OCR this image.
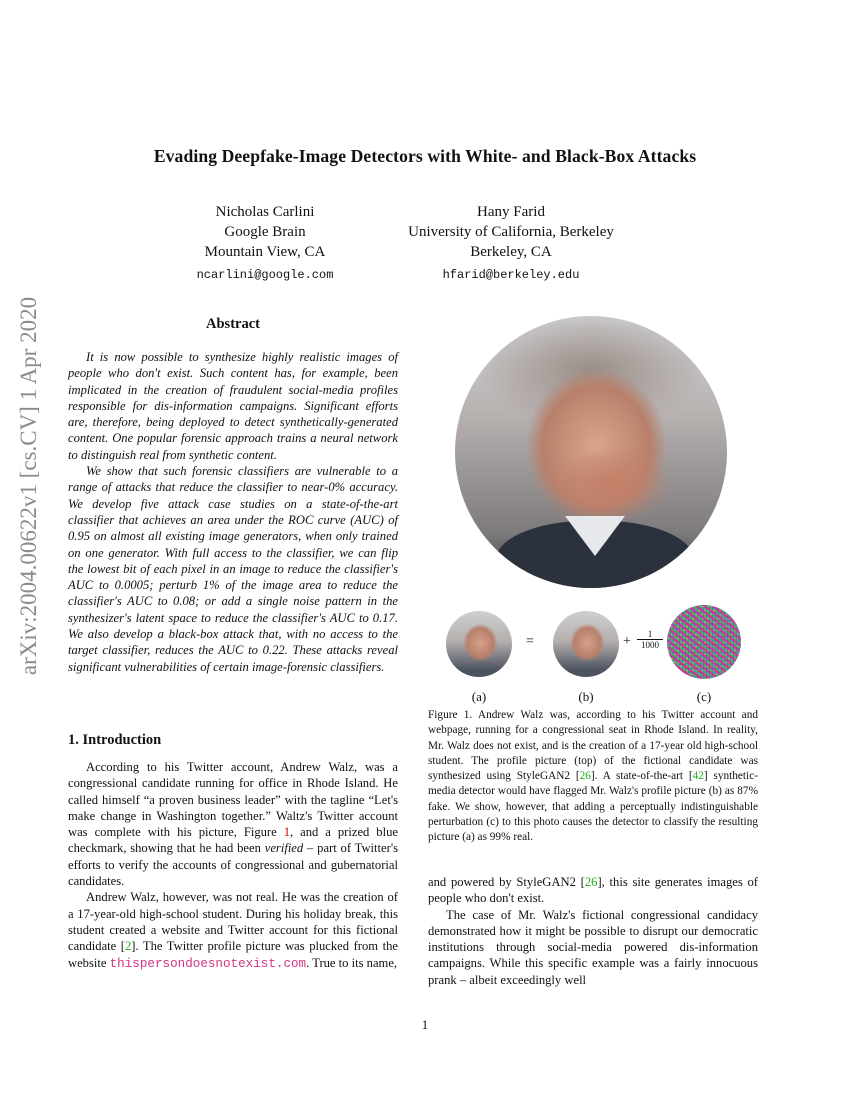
Evading Deepfake-Image Detectors with White- and Black-Box Attacks
Nicholas Carlini
Google Brain
Mountain View, CA
ncarlini@google.com
Hany Farid
University of California, Berkeley
Berkeley, CA
hfarid@berkeley.edu
arXiv:2004.00622v1 [cs.CV] 1 Apr 2020	Abstract

It is now possible to synthesize highly realistic images of people who don't exist. Such content has, for example, been implicated in the creation of fraudulent social-media profiles responsible for dis-information campaigns. Significant efforts are, therefore, being deployed to detect synthetically-generated content. One popular forensic approach trains a neural network to distinguish real from synthetic content.

We show that such forensic classifiers are vulnerable to a range of attacks that reduce the classifier to near-0% accuracy. We develop five attack case studies on a state-of-the-art classifier that achieves an area under the ROC curve (AUC) of 0.95 on almost all existing image generators, when only trained on one generator. With full access to the classifier, we can flip the lowest bit of each pixel in an image to reduce the classifier's AUC to 0.0005; perturb 1% of the image area to reduce the classifier's AUC to 0.08; or add a single noise pattern in the synthesizer's latent space to reduce the classifier's AUC to 0.17. We also develop a black-box attack that, with no access to the target classifier, reduces the AUC to 0.22. These attacks reveal significant vulnerabilities of certain image-forensic classifiers.

1. Introduction

According to his Twitter account, Andrew Walz, was a congressional candidate running for office in Rhode Island. He called himself “a proven business leader” with the tagline “Let's make change in Washington together.” Waltz's Twitter account was complete with his picture, Figure 1, and a prized blue checkmark, showing that he had been verified – part of Twitter's efforts to verify the accounts of congressional and gubernatorial candidates.

Andrew Walz, however, was not real. He was the creation of a 17-year-old high-school student. During his holiday break, this student created a website and Twitter account for this fictional candidate [2]. The Twitter profile picture was plucked from the website thispersondoesnotexist.com. True to its name,

=	+ $\frac{1}{1000}$
(a)	(b)	(c)
Figure 1. Andrew Walz was, according to his Twitter account and webpage, running for a congressional seat in Rhode Island. In reality, Mr. Walz does not exist, and is the creation of a 17-year old high-school student. The profile picture (top) of the fictional candidate was synthesized using StyleGAN2 [26]. A state-of-the-art [42] synthetic-media detector would have flagged Mr. Walz's profile picture (b) as 87% fake. We show, however, that adding a perceptually indistinguishable perturbation (c) to this photo causes the detector to classify the resulting picture (a) as 99% real.

and powered by StyleGAN2 [26], this site generates images of people who don't exist.

The case of Mr. Walz's fictional congressional candidacy demonstrated how it might be possible to disrupt our democratic institutions through social-media powered dis-information campaigns. While this specific example was a fairly innocuous prank – albeit exceedingly well

1
